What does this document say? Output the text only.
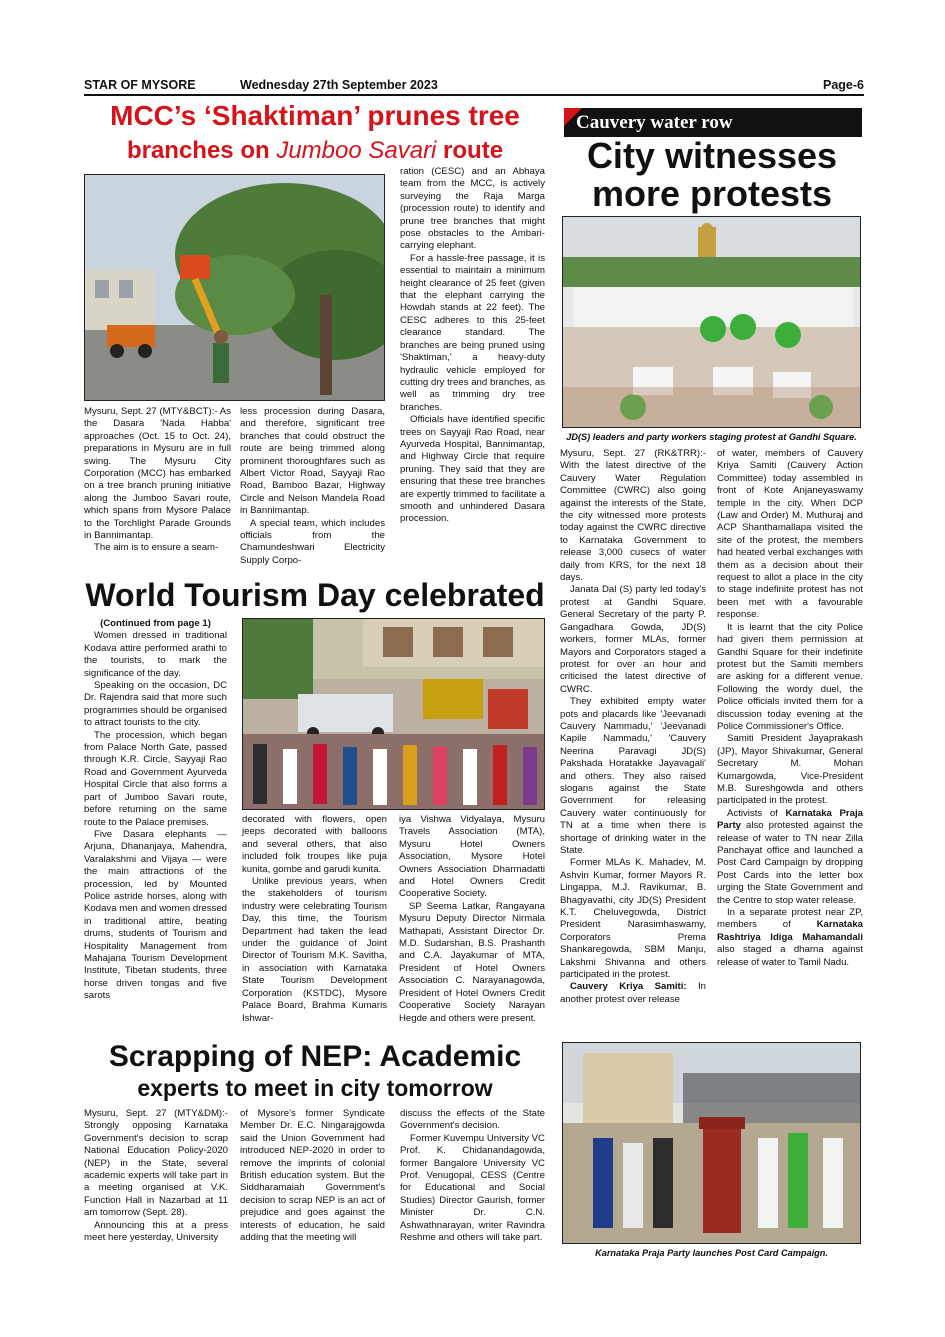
STAR OF MYSORE	Wednesday 27th September 2023	Page-6
MCC’s ‘Shaktiman’ prunes tree
branches on Jumboo Savari route

Mysuru, Sept. 27 (MTY&BCT):- As the Dasara 'Nada Habba' approaches (Oct. 15 to Oct. 24), preparations in Mysuru are in full swing. The Mysuru City Corporation (MCC) has embarked on a tree branch pruning initiative along the Jumboo Savari route, which spans from Mysore Palace to the Torchlight Parade Grounds in Bannimantap.

The aim is to ensure a seam-

less procession during Dasara, and therefore, significant tree branches that could obstruct the route are being trimmed along prominent thoroughfares such as Albert Victor Road, Sayyaji Rao Road, Bamboo Bazar, Highway Circle and Nelson Mandela Road in Bannimantap.

A special team, which includes officials from the Chamundeshwari Electricity Supply Corpo-

ration (CESC) and an Abhaya team from the MCC, is actively surveying the Raja Marga (procession route) to identify and prune tree branches that might pose obstacles to the Ambari-carrying elephant.

For a hassle-free passage, it is essential to maintain a minimum height clearance of 25 feet (given that the elephant carrying the Howdah stands at 22 feet). The CESC adheres to this 25-feet clearance standard. The branches are being pruned using 'Shaktiman,' a heavy-duty hydraulic vehicle employed for cutting dry trees and branches, as well as trimming dry tree branches.

Officials have identified specific trees on Sayyaji Rao Road, near Ayurveda Hospital, Bannimantap, and Highway Circle that require pruning. They said that they are ensuring that these tree branches are expertly trimmed to facilitate a smooth and unhindered Dasara procession.

World Tourism Day celebrated

(Continued from page 1)

Women dressed in traditional Kodava attire performed arathi to the tourists, to mark the significance of the day.

Speaking on the occasion, DC Dr. Rajendra said that more such programmes should be organised to attract tourists to the city.

The procession, which began from Palace North Gate, passed through K.R. Circle, Sayyaji Rao Road and Government Ayurveda Hospital Circle that also forms a part of Jumboo Savari route, before returning on the same route to the Palace premises.

Five Dasara elephants — Arjuna, Dhananjaya, Mahendra, Varalakshmi and Vijaya — were the main attractions of the procession, led by Mounted Police astride horses, along with Kodava men and women dressed in traditional attire, beating drums, students of Tourism and Hospitality Management from Mahajana Tourism Development Institute, Tibetan students, three horse driven tongas and five sarots

decorated with flowers, open jeeps decorated with balloons and several others, that also included folk troupes like puja kunita, gombe and garudi kunita.

Unlike previous years, when the stakeholders of tourism industry were celebrating Tourism Day, this time, the Tourism Department had taken the lead under the guidance of Joint Director of Tourism M.K. Savitha, in association with Karnataka State Tourism Development Corporation (KSTDC), Mysore Palace Board, Brahma Kumaris Ishwar-

iya Vishwa Vidyalaya, Mysuru Travels Association (MTA), Mysuru Hotel Owners Association, Mysore Hotel Owners Association Dharmadatti and Hotel Owners Credit Cooperative Society.

SP Seema Latkar, Rangayana Mysuru Deputy Director Nirmala Mathapati, Assistant Director Dr. M.D. Sudarshan, B.S. Prashanth and C.A. Jayakumar of MTA, President of Hotel Owners Association C. Narayanagowda, President of Hotel Owners Credit Cooperative Society Narayan Hegde and others were present.

Scrapping of NEP: Academic
experts to meet in city tomorrow

Mysuru, Sept. 27 (MTY&DM):- Strongly opposing Karnataka Government's decision to scrap National Education Policy-2020 (NEP) in the State, several academic experts will take part in a meeting organised at V.K. Function Hall in Nazarbad at 11 am tomorrow (Sept. 28).

Announcing this at a press meet here yesterday, University

of Mysore's former Syndicate Member Dr. E.C. Ningarajgowda said the Union Government had introduced NEP-2020 in order to remove the imprints of colonial British education system. But the Siddharamaiah Government's decision to scrap NEP is an act of prejudice and goes against the interests of education, he said adding that the meeting will

discuss the effects of the State Government's decision.

Former Kuvempu University VC Prof. K. Chidanandagowda, former Bangalore University VC Prof. Venugopal, CESS (Centre for Educational and Social Studies) Director Gaurish, former Minister Dr. C.N. Ashwathnarayan, writer Ravindra Reshme and others will take part.

Cauvery water row
City witnesses
more protests
JD(S) leaders and party workers staging protest at Gandhi Square.

Mysuru, Sept. 27 (RK&TRR):- With the latest directive of the Cauvery Water Regulation Committee (CWRC) also going against the interests of the State, the city witnessed more protests today against the CWRC directive to Karnataka Government to release 3,000 cusecs of water daily from KRS, for the next 18 days.

Janata Dal (S) party led today's protest at Gandhi Square. General Secretary of the party P. Gangadhara Gowda, JD(S) workers, former MLAs, former Mayors and Corporators staged a protest for over an hour and criticised the latest directive of CWRC.

They exhibited empty water pots and placards like 'Jeevanadi Cauvery Nammadu,' 'Jeevanadi Kapile Nammadu,' 'Cauvery Neerina Paravagi JD(S) Pakshada Horatakke Jayavagali' and others. They also raised slogans against the State Government for releasing Cauvery water continuously for TN at a time when there is shortage of drinking water in the State.

Former MLAs K. Mahadev, M. Ashvin Kumar, former Mayors R. Lingappa, M.J. Ravikumar, B. Bhagyavathi, city JD(S) President K.T. Cheluvegowda, District President Narasimhaswamy, Corporators Prema Shankaregowda, SBM Manju, Lakshmi Shivanna and others participated in the protest.

Cauvery Kriya Samiti: In another protest over release

of water, members of Cauvery Kriya Samiti (Cauvery Action Committee) today assembled in front of Kote Anjaneyaswamy temple in the city. When DCP (Law and Order) M. Muthuraj and ACP Shanthamallapa visited the site of the protest, the members had heated verbal exchanges with them as a decision about their request to allot a place in the city to stage indefinite protest has not been met with a favourable response.

It is learnt that the city Police had given them permission at Gandhi Square for their indefinite protest but the Samiti members are asking for a different venue. Following the wordy duel, the Police officials invited them for a discussion today evening at the Police Commissioner's Office.

Samiti President Jayaprakash (JP), Mayor Shivakumar, General Secretary M. Mohan Kumargowda, Vice-President M.B. Sureshgowda and others participated in the protest.

Activists of Karnataka Praja Party also protested against the release of water to TN near Zilla Panchayat office and launched a Post Card Campaign by dropping Post Cards into the letter box urging the State Government and the Centre to stop water release.

In a separate protest near ZP, members of Karnataka Rashtriya Idiga Mahamandali also staged a dharna against release of water to Tamil Nadu.

Karnataka Praja Party launches Post Card Campaign.
